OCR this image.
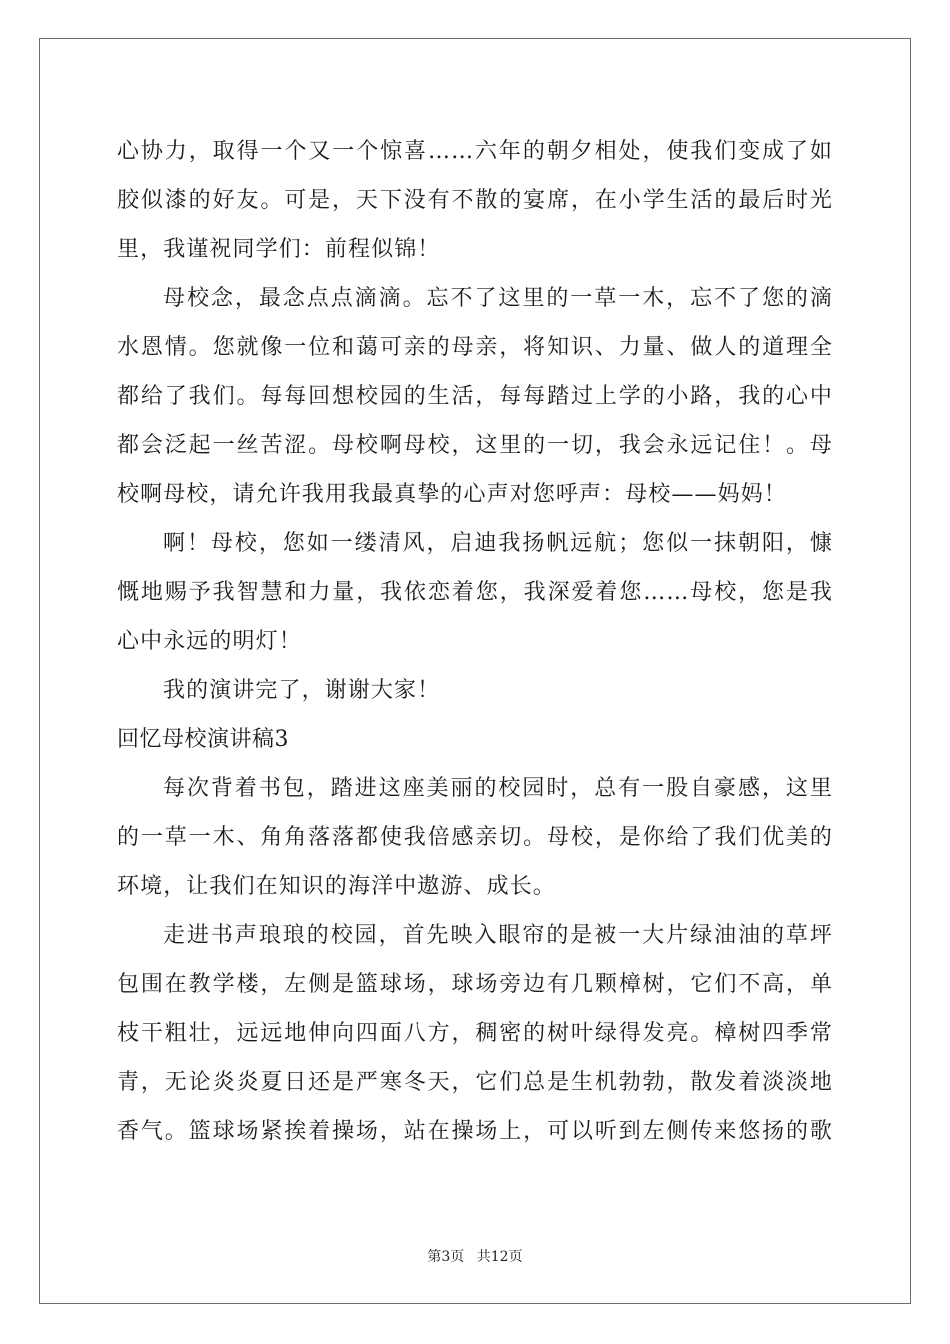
心协力，取得一个又一个惊喜……六年的朝夕相处，使我们变成了如
胶似漆的好友。可是，天下没有不散的宴席，在小学生活的最后时光
里，我谨祝同学们：前程似锦！
母校念，最念点点滴滴。忘不了这里的一草一木，忘不了您的滴
水恩情。您就像一位和蔼可亲的母亲，将知识、力量、做人的道理全
都给了我们。每每回想校园的生活，每每踏过上学的小路，我的心中
都会泛起一丝苦涩。母校啊母校，这里的一切，我会永远记住！。母
校啊母校，请允许我用我最真挚的心声对您呼声：母校——妈妈！
啊！母校，您如一缕清风，启迪我扬帆远航；您似一抹朝阳，慷
慨地赐予我智慧和力量，我依恋着您，我深爱着您……母校，您是我
心中永远的明灯！
我的演讲完了，谢谢大家！
回忆母校演讲稿3
每次背着书包，踏进这座美丽的校园时，总有一股自豪感，这里
的一草一木、角角落落都使我倍感亲切。母校，是你给了我们优美的
环境，让我们在知识的海洋中遨游、成长。
走进书声琅琅的校园，首先映入眼帘的是被一大片绿油油的草坪
包围在教学楼，左侧是篮球场，球场旁边有几颗樟树，它们不高，单
枝干粗壮，远远地伸向四面八方，稠密的树叶绿得发亮。樟树四季常
青，无论炎炎夏日还是严寒冬天，它们总是生机勃勃，散发着淡淡地
香气。篮球场紧挨着操场，站在操场上，可以听到左侧传来悠扬的歌
第3页 共12页
